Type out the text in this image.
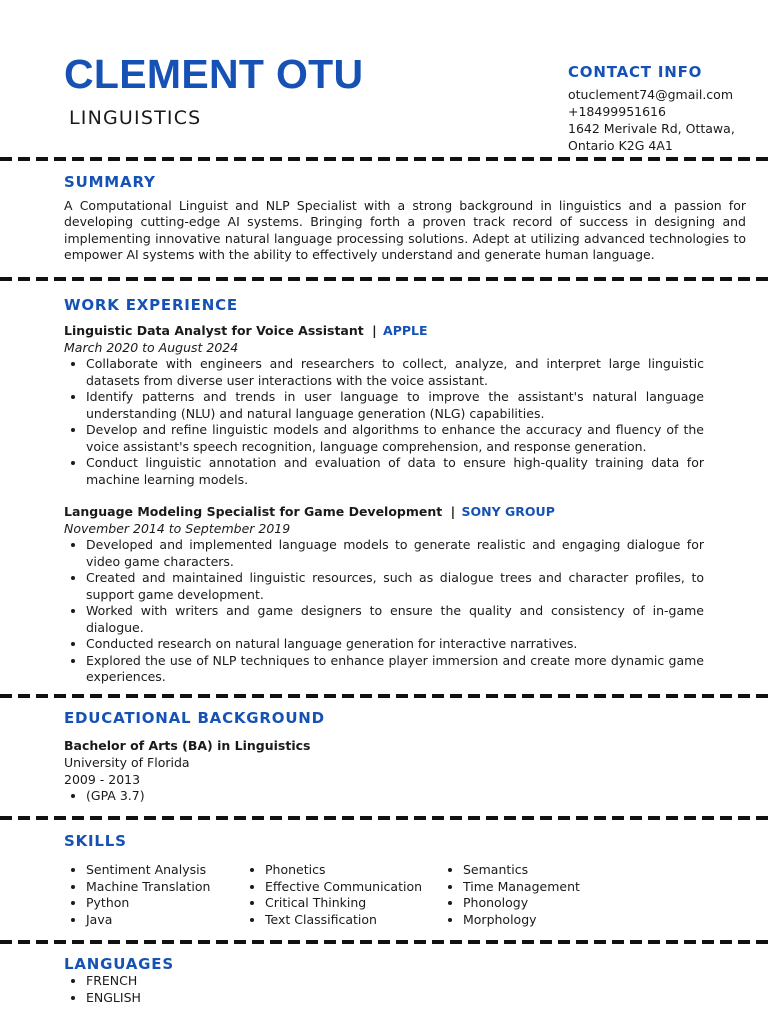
CLEMENT OTU
LINGUISTICS
CONTACT INFO
otuclement74@gmail.com
+18499951616
1642 Merivale Rd, Ottawa,
Ontario K2G 4A1
SUMMARY

A Computational Linguist and NLP Specialist with a strong background in linguistics and a passion for developing cutting-edge AI systems. Bringing forth a proven track record of success in designing and implementing innovative natural language processing solutions. Adept at utilizing advanced technologies to empower AI systems with the ability to effectively understand and generate human language.

WORK EXPERIENCE
Linguistic Data Analyst for Voice Assistant | APPLE
March 2020 to August 2024
• Collaborate with engineers and researchers to collect, analyze, and interpret large linguistic datasets from diverse user interactions with the voice assistant.
• Identify patterns and trends in user language to improve the assistant's natural language understanding (NLU) and natural language generation (NLG) capabilities.
• Develop and refine linguistic models and algorithms to enhance the accuracy and fluency of the voice assistant's speech recognition, language comprehension, and response generation.
• Conduct linguistic annotation and evaluation of data to ensure high-quality training data for machine learning models.
Language Modeling Specialist for Game Development | SONY GROUP
November 2014 to September 2019
• Developed and implemented language models to generate realistic and engaging dialogue for video game characters.
• Created and maintained linguistic resources, such as dialogue trees and character profiles, to support game development.
• Worked with writers and game designers to ensure the quality and consistency of in-game dialogue.
• Conducted research on natural language generation for interactive narratives.
• Explored the use of NLP techniques to enhance player immersion and create more dynamic game experiences.
EDUCATIONAL BACKGROUND
Bachelor of Arts (BA) in Linguistics
University of Florida
2009 - 2013
• (GPA 3.7)
SKILLS
• Sentiment Analysis
• Machine Translation
• Python
• Java
• Phonetics
• Effective Communication
• Critical Thinking
• Text Classification
• Semantics
• Time Management
• Phonology
• Morphology
LANGUAGES
• FRENCH
• ENGLISH
